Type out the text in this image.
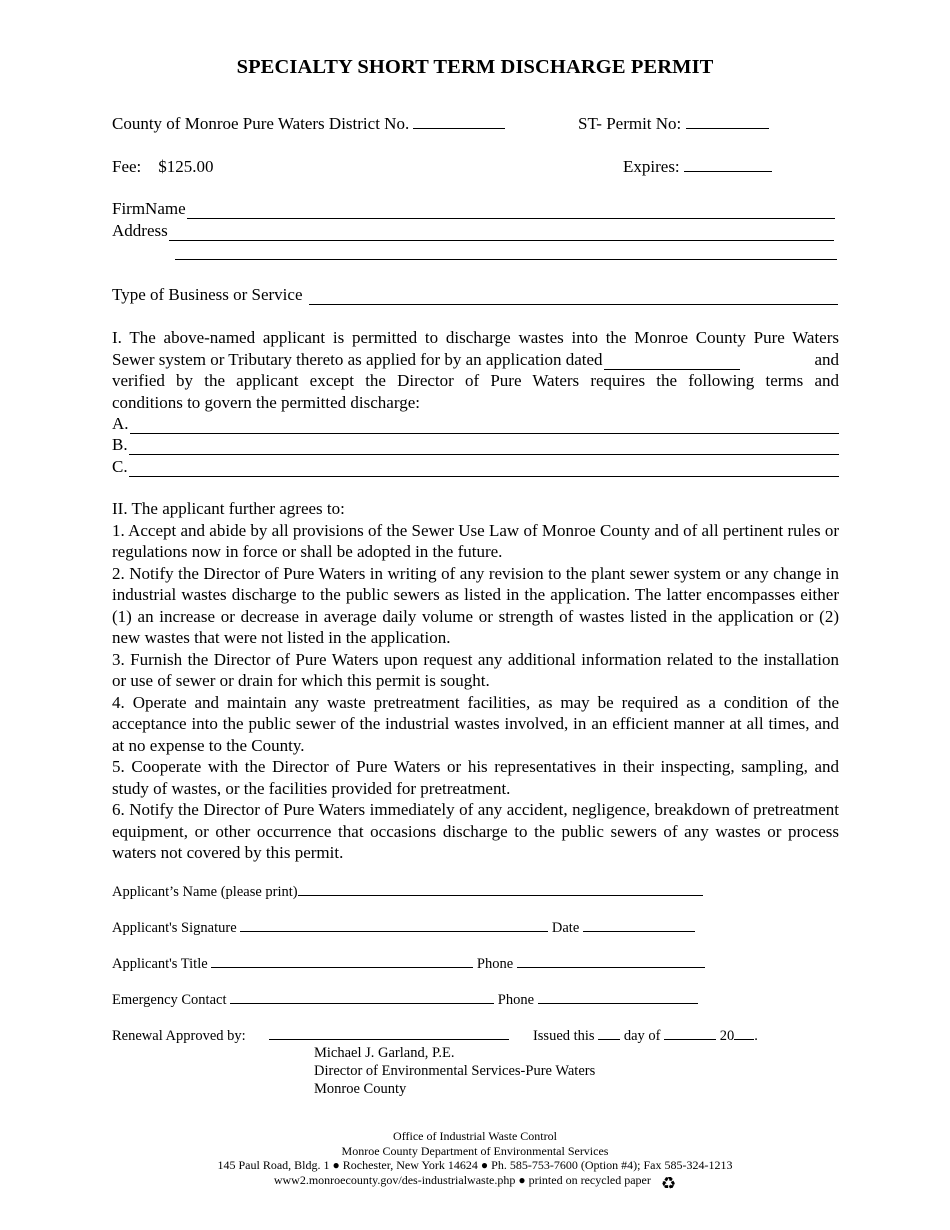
SPECIALTY SHORT TERM DISCHARGE PERMIT
County of Monroe Pure Waters District No.	ST- Permit No:
Fee: $125.00	Expires:
FirmName
Address
Type of Business or Service
I. The above-named applicant is permitted to discharge wastes into the Monroe County Pure Waters
Sewer system or Tributary thereto as applied for by an application dated	and
verified by the applicant except the Director of Pure Waters requires the following terms and
conditions to govern the permitted discharge:
A.
B.
C.

II. The applicant further agrees to:

1. Accept and abide by all provisions of the Sewer Use Law of Monroe County and of all pertinent rules or regulations now in force or shall be adopted in the future.

2. Notify the Director of Pure Waters in writing of any revision to the plant sewer system or any change in industrial wastes discharge to the public sewers as listed in the application. The latter encompasses either (1) an increase or decrease in average daily volume or strength of wastes listed in the application or (2) new wastes that were not listed in the application.

3. Furnish the Director of Pure Waters upon request any additional information related to the installation or use of sewer or drain for which this permit is sought.

4. Operate and maintain any waste pretreatment facilities, as may be required as a condition of the acceptance into the public sewer of the industrial wastes involved, in an efficient manner at all times, and at no expense to the County.

5. Cooperate with the Director of Pure Waters or his representatives in their inspecting, sampling, and study of wastes, or the facilities provided for pretreatment.

6. Notify the Director of Pure Waters immediately of any accident, negligence, breakdown of pretreatment equipment, or other occurrence that occasions discharge to the public sewers of any wastes or process waters not covered by this permit.

Applicant’s Name (please print)
Applicant's Signature	Date
Applicant's Title	Phone
Emergency Contact	Phone
Renewal Approved by:	Issued this day of	20 .
Michael J. Garland, P.E.
Director of Environmental Services-Pure Waters
Monroe County
Office of Industrial Waste Control
Monroe County Department of Environmental Services
145 Paul Road, Bldg. 1 ● Rochester, New York 14624 ● Ph. 585-753-7600 (Option #4); Fax 585-324-1213
www2.monroecounty.gov/des-industrialwaste.php ● printed on recycled paper ♻
